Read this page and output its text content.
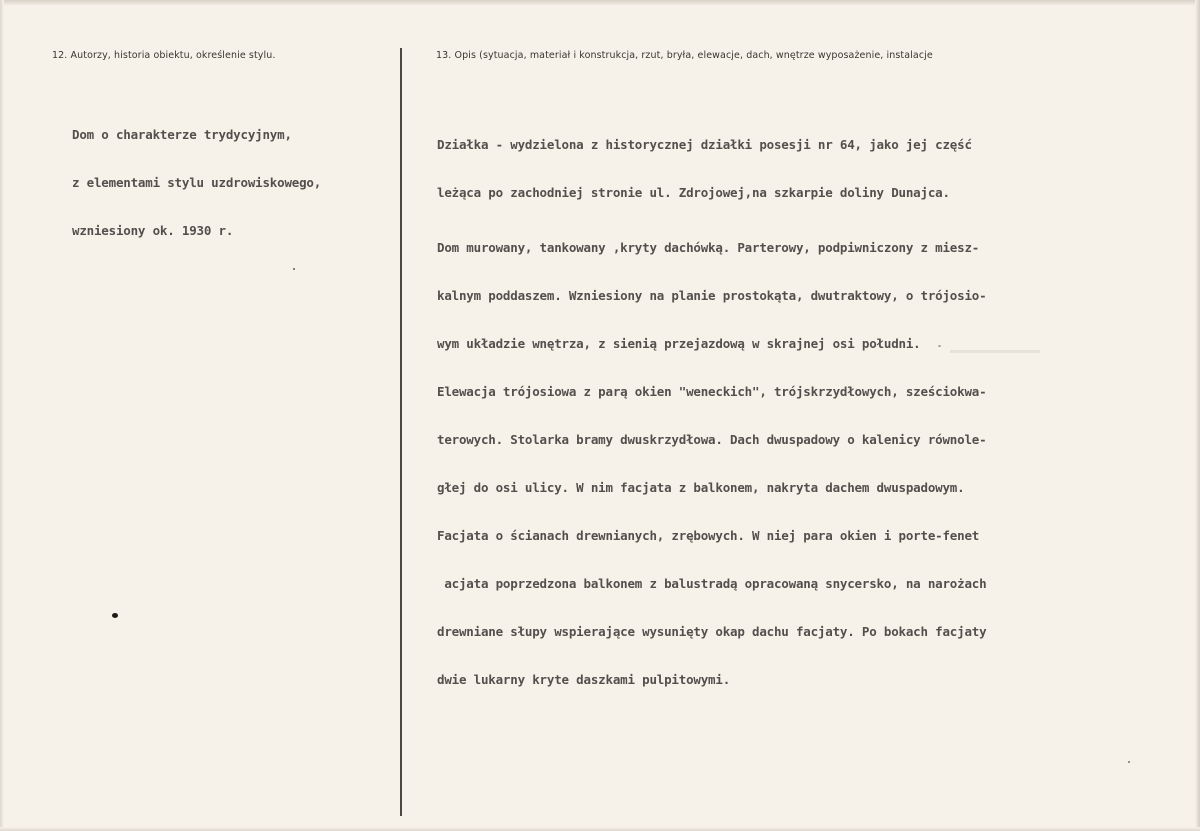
12. Autorzy, historia obiektu, określenie stylu.	13. Opis (sytuacja, materiał i konstrukcja, rzut, bryła, elewacje, dach, wnętrze wyposażenie, instalacje

Dom o charakterze trydycyjnym,

z elementami stylu uzdrowiskowego,

wzniesiony ok. 1930 r.

Działka - wydzielona z historycznej działki posesji nr 64, jako jej część

leżąca po zachodniej stronie ul. Zdrojowej,na szkarpie doliny Dunajca.

Dom murowany, tankowany ,kryty dachówką. Parterowy, podpiwniczony z miesz-

kalnym poddaszem. Wzniesiony na planie prostokąta, dwutraktowy, o trójosio-

wym układzie wnętrza, z sienią przejazdową w skrajnej osi południ.

Elewacja trójosiowa z parą okien "weneckich", trójskrzydłowych, sześciokwa-

terowych. Stolarka bramy dwuskrzydłowa. Dach dwuspadowy o kalenicy równole-

głej do osi ulicy. W nim facjata z balkonem, nakryta dachem dwuspadowym.

Facjata o ścianach drewnianych, zrębowych. W niej para okien i porte-fenet

acjata poprzedzona balkonem z balustradą opracowaną snycersko, na narożach

drewniane słupy wspierające wysunięty okap dachu facjaty. Po bokach facjaty

dwie lukarny kryte daszkami pulpitowymi.
